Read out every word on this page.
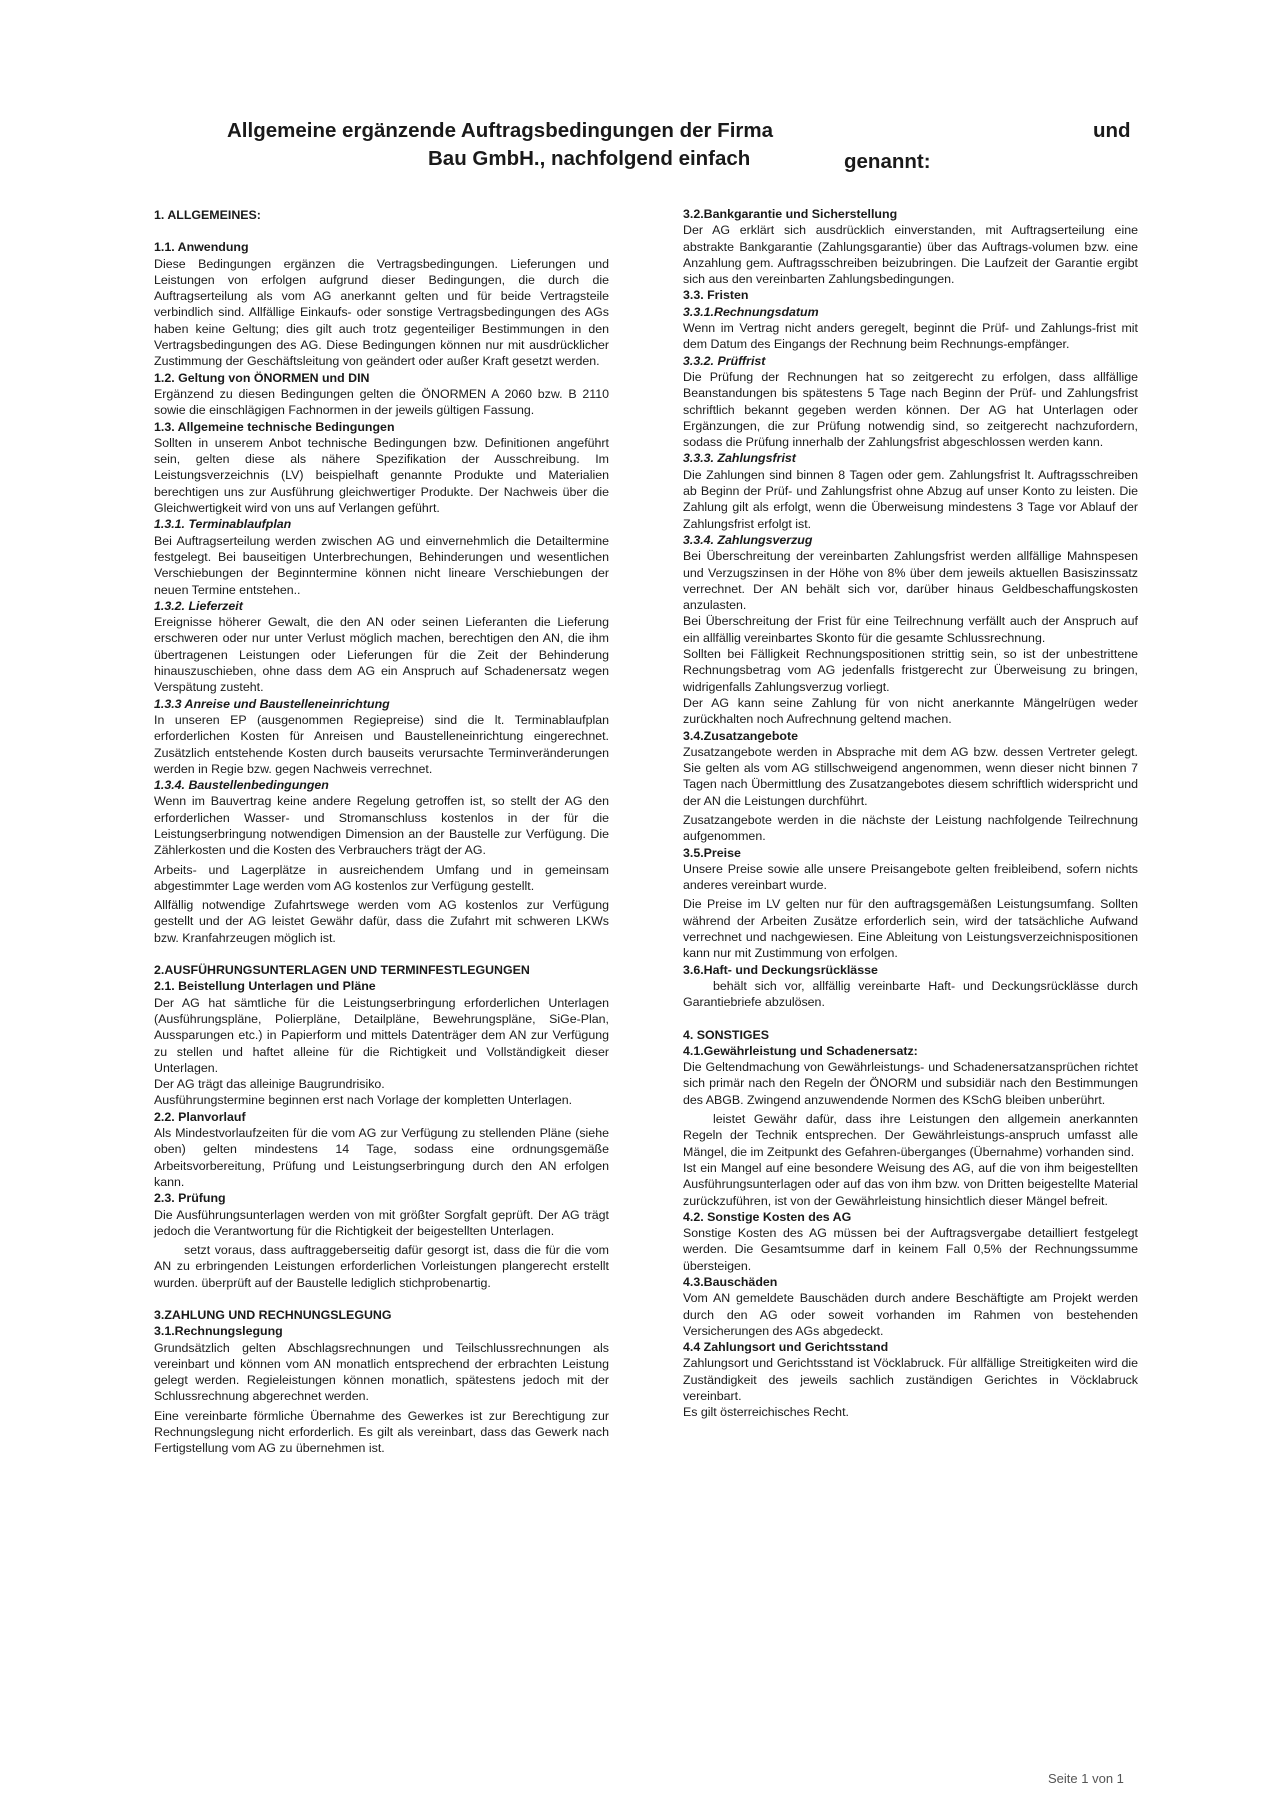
Allgemeine ergänzende Auftragsbedingungen der Firma	und
Bau GmbH., nachfolgend einfach	genannt:

1. ALLGEMEINES:

1.1. Anwendung

Diese Bedingungen ergänzen die Vertragsbedingungen. Lieferungen und Leistungen von erfolgen aufgrund dieser Bedingungen, die durch die Auftragserteilung als vom AG anerkannt gelten und für beide Vertragsteile verbindlich sind. Allfällige Einkaufs- oder sonstige Vertragsbedingungen des AGs haben keine Geltung; dies gilt auch trotz gegenteiliger Bestimmungen in den Vertragsbedingungen des AG. Diese Bedingungen können nur mit ausdrücklicher Zustimmung der Geschäftsleitung von geändert oder außer Kraft gesetzt werden.

1.2. Geltung von ÖNORMEN und DIN

Ergänzend zu diesen Bedingungen gelten die ÖNORMEN A 2060 bzw. B 2110 sowie die einschlägigen Fachnormen in der jeweils gültigen Fassung.

1.3. Allgemeine technische Bedingungen

Sollten in unserem Anbot technische Bedingungen bzw. Definitionen angeführt sein, gelten diese als nähere Spezifikation der Ausschreibung. Im Leistungsverzeichnis (LV) beispielhaft genannte Produkte und Materialien berechtigen uns zur Ausführung gleichwertiger Produkte. Der Nachweis über die Gleichwertigkeit wird von uns auf Verlangen geführt.

1.3.1. Terminablaufplan

Bei Auftragserteilung werden zwischen AG und einvernehmlich die Detailtermine festgelegt. Bei bauseitigen Unterbrechungen, Behinderungen und wesentlichen Verschiebungen der Beginntermine können nicht lineare Verschiebungen der neuen Termine entstehen..

1.3.2. Lieferzeit

Ereignisse höherer Gewalt, die den AN oder seinen Lieferanten die Lieferung erschweren oder nur unter Verlust möglich machen, berechtigen den AN, die ihm übertragenen Leistungen oder Lieferungen für die Zeit der Behinderung hinauszuschieben, ohne dass dem AG ein Anspruch auf Schadenersatz wegen Verspätung zusteht.

1.3.3 Anreise und Baustelleneinrichtung

In unseren EP (ausgenommen Regiepreise) sind die lt. Terminablaufplan erforderlichen Kosten für Anreisen und Baustelleneinrichtung eingerechnet. Zusätzlich entstehende Kosten durch bauseits verursachte Terminveränderungen werden in Regie bzw. gegen Nachweis verrechnet.

1.3.4. Baustellenbedingungen

Wenn im Bauvertrag keine andere Regelung getroffen ist, so stellt der AG den erforderlichen Wasser- und Stromanschluss kostenlos in der für die Leistungserbringung notwendigen Dimension an der Baustelle zur Verfügung. Die Zählerkosten und die Kosten des Verbrauchers trägt der AG.

Arbeits- und Lagerplätze in ausreichendem Umfang und in gemeinsam abgestimmter Lage werden vom AG kostenlos zur Verfügung gestellt.

Allfällig notwendige Zufahrtswege werden vom AG kostenlos zur Verfügung gestellt und der AG leistet Gewähr dafür, dass die Zufahrt mit schweren LKWs bzw. Kranfahrzeugen möglich ist.

2.AUSFÜHRUNGSUNTERLAGEN UND TERMINFESTLEGUNGEN

2.1. Beistellung Unterlagen und Pläne

Der AG hat sämtliche für die Leistungserbringung erforderlichen Unterlagen (Ausführungspläne, Polierpläne, Detailpläne, Bewehrungspläne, SiGe-Plan, Aussparungen etc.) in Papierform und mittels Datenträger dem AN zur Verfügung zu stellen und haftet alleine für die Richtigkeit und Vollständigkeit dieser Unterlagen.

Der AG trägt das alleinige Baugrundrisiko.

Ausführungstermine beginnen erst nach Vorlage der kompletten Unterlagen.

2.2. Planvorlauf

Als Mindestvorlaufzeiten für die vom AG zur Verfügung zu stellenden Pläne (siehe oben) gelten mindestens 14 Tage, sodass eine ordnungsgemäße Arbeitsvorbereitung, Prüfung und Leistungserbringung durch den AN erfolgen kann.

2.3. Prüfung

Die Ausführungsunterlagen werden von mit größter Sorgfalt geprüft. Der AG trägt jedoch die Verantwortung für die Richtigkeit der beigestellten Unterlagen.

setzt voraus, dass auftraggeberseitig dafür gesorgt ist, dass die für die vom AN zu erbringenden Leistungen erforderlichen Vorleistungen plangerecht erstellt wurden. überprüft auf der Baustelle lediglich stichprobenartig.

3.ZAHLUNG UND RECHNUNGSLEGUNG

3.1.Rechnungslegung

Grundsätzlich gelten Abschlagsrechnungen und Teilschlussrechnungen als vereinbart und können vom AN monatlich entsprechend der erbrachten Leistung gelegt werden. Regieleistungen können monatlich, spätestens jedoch mit der Schlussrechnung abgerechnet werden.

Eine vereinbarte förmliche Übernahme des Gewerkes ist zur Berechtigung zur Rechnungslegung nicht erforderlich. Es gilt als vereinbart, dass das Gewerk nach Fertigstellung vom AG zu übernehmen ist.

3.2.Bankgarantie und Sicherstellung

Der AG erklärt sich ausdrücklich einverstanden, mit Auftragserteilung eine abstrakte Bankgarantie (Zahlungsgarantie) über das Auftrags-volumen bzw. eine Anzahlung gem. Auftragsschreiben beizubringen. Die Laufzeit der Garantie ergibt sich aus den vereinbarten Zahlungsbedingungen.

3.3. Fristen

3.3.1.Rechnungsdatum

Wenn im Vertrag nicht anders geregelt, beginnt die Prüf- und Zahlungs-frist mit dem Datum des Eingangs der Rechnung beim Rechnungs-empfänger.

3.3.2. Prüffrist

Die Prüfung der Rechnungen hat so zeitgerecht zu erfolgen, dass allfällige Beanstandungen bis spätestens 5 Tage nach Beginn der Prüf- und Zahlungsfrist schriftlich bekannt gegeben werden können. Der AG hat Unterlagen oder Ergänzungen, die zur Prüfung notwendig sind, so zeitgerecht nachzufordern, sodass die Prüfung innerhalb der Zahlungsfrist abgeschlossen werden kann.

3.3.3. Zahlungsfrist

Die Zahlungen sind binnen 8 Tagen oder gem. Zahlungsfrist lt. Auftragsschreiben ab Beginn der Prüf- und Zahlungsfrist ohne Abzug auf unser Konto zu leisten. Die Zahlung gilt als erfolgt, wenn die Überweisung mindestens 3 Tage vor Ablauf der Zahlungsfrist erfolgt ist.

3.3.4. Zahlungsverzug

Bei Überschreitung der vereinbarten Zahlungsfrist werden allfällige Mahnspesen und Verzugszinsen in der Höhe von 8% über dem jeweils aktuellen Basiszinssatz verrechnet. Der AN behält sich vor, darüber hinaus Geldbeschaffungskosten anzulasten.

Bei Überschreitung der Frist für eine Teilrechnung verfällt auch der Anspruch auf ein allfällig vereinbartes Skonto für die gesamte Schlussrechnung.

Sollten bei Fälligkeit Rechnungspositionen strittig sein, so ist der unbestrittene Rechnungsbetrag vom AG jedenfalls fristgerecht zur Überweisung zu bringen, widrigenfalls Zahlungsverzug vorliegt.

Der AG kann seine Zahlung für von nicht anerkannte Mängelrügen weder zurückhalten noch Aufrechnung geltend machen.

3.4.Zusatzangebote

Zusatzangebote werden in Absprache mit dem AG bzw. dessen Vertreter gelegt. Sie gelten als vom AG stillschweigend angenommen, wenn dieser nicht binnen 7 Tagen nach Übermittlung des Zusatzangebotes diesem schriftlich widerspricht und der AN die Leistungen durchführt.

Zusatzangebote werden in die nächste der Leistung nachfolgende Teilrechnung aufgenommen.

3.5.Preise

Unsere Preise sowie alle unsere Preisangebote gelten freibleibend, sofern nichts anderes vereinbart wurde.

Die Preise im LV gelten nur für den auftragsgemäßen Leistungsumfang. Sollten während der Arbeiten Zusätze erforderlich sein, wird der tatsächliche Aufwand verrechnet und nachgewiesen. Eine Ableitung von Leistungsverzeichnispositionen kann nur mit Zustimmung von erfolgen.

3.6.Haft- und Deckungsrücklässe

behält sich vor, allfällig vereinbarte Haft- und Deckungsrücklässe durch Garantiebriefe abzulösen.

4. SONSTIGES

4.1.Gewährleistung und Schadenersatz:

Die Geltendmachung von Gewährleistungs- und Schadenersatzansprüchen richtet sich primär nach den Regeln der ÖNORM und subsidiär nach den Bestimmungen des ABGB. Zwingend anzuwendende Normen des KSchG bleiben unberührt.

leistet Gewähr dafür, dass ihre Leistungen den allgemein anerkannten Regeln der Technik entsprechen. Der Gewährleistungs-anspruch umfasst alle Mängel, die im Zeitpunkt des Gefahren-überganges (Übernahme) vorhanden sind.

Ist ein Mangel auf eine besondere Weisung des AG, auf die von ihm beigestellten Ausführungsunterlagen oder auf das von ihm bzw. von Dritten beigestellte Material zurückzuführen, ist von der Gewährleistung hinsichtlich dieser Mängel befreit.

4.2. Sonstige Kosten des AG

Sonstige Kosten des AG müssen bei der Auftragsvergabe detailliert festgelegt werden. Die Gesamtsumme darf in keinem Fall 0,5% der Rechnungssumme übersteigen.

4.3.Bauschäden

Vom AN gemeldete Bauschäden durch andere Beschäftigte am Projekt werden durch den AG oder soweit vorhanden im Rahmen von bestehenden Versicherungen des AGs abgedeckt.

4.4 Zahlungsort und Gerichtsstand

Zahlungsort und Gerichtsstand ist Vöcklabruck. Für allfällige Streitigkeiten wird die Zuständigkeit des jeweils sachlich zuständigen Gerichtes in Vöcklabruck vereinbart.

Es gilt österreichisches Recht.

Seite 1 von 1
